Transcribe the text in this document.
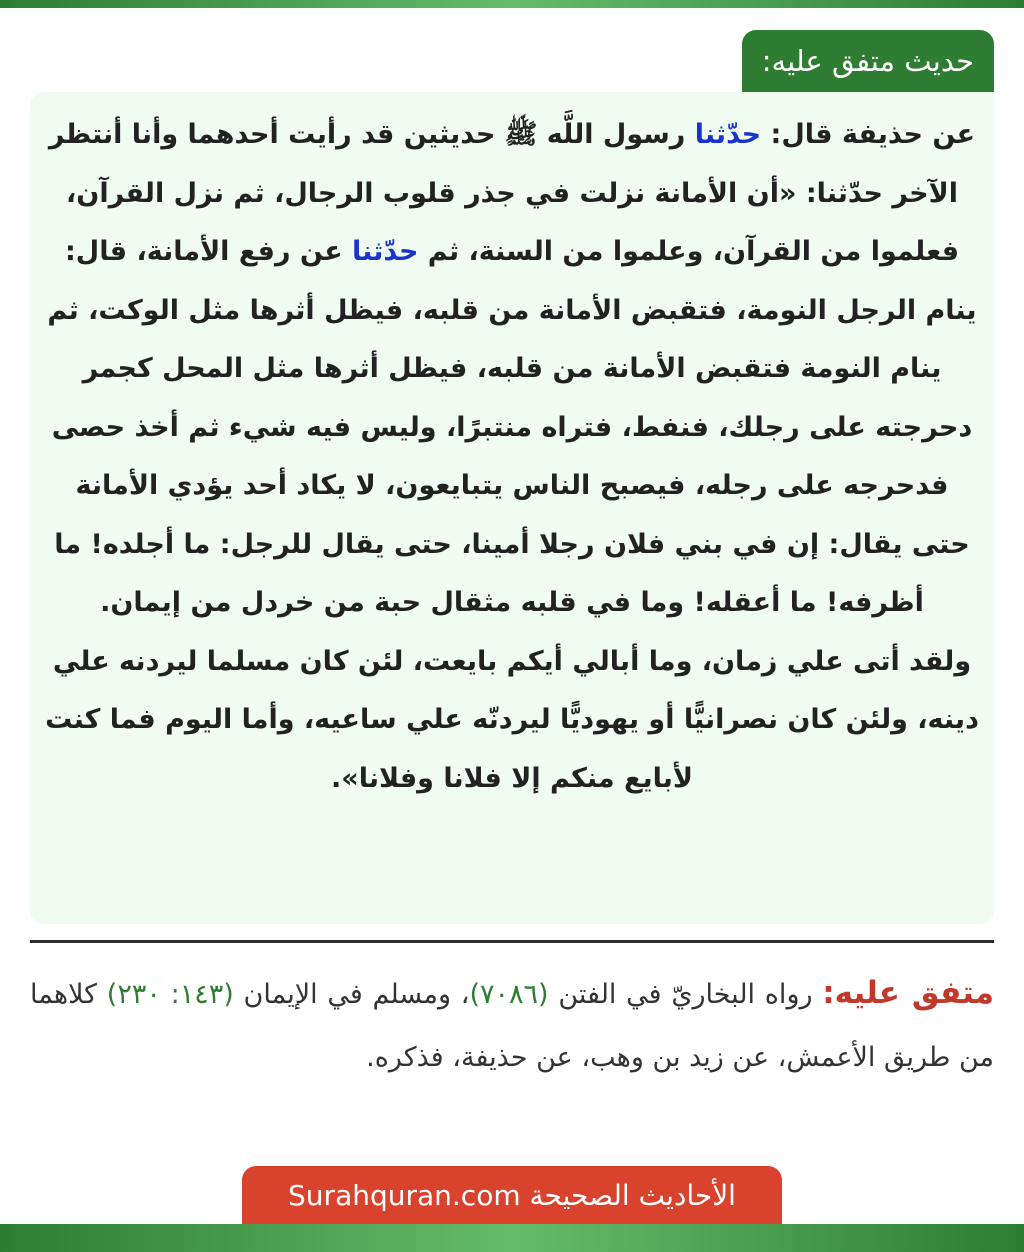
حديث متفق عليه:

عن حذيفة قال: حدّثنا رسول اللَّه ﷺ حديثين قد رأيت أحدهما وأنا أنتظر الآخر حدّثنا: «أن الأمانة نزلت في جذر قلوب الرجال، ثم نزل القرآن، فعلموا من القرآن، وعلموا من السنة، ثم حدّثنا عن رفع الأمانة، قال: ينام الرجل النومة، فتقبض الأمانة من قلبه، فيظل أثرها مثل الوكت، ثم ينام النومة فتقبض الأمانة من قلبه، فيظل أثرها مثل المحل كجمر دحرجته على رجلك، فنفط، فتراه منتبرًا، وليس فيه شيء ثم أخذ حصى فدحرجه على رجله، فيصبح الناس يتبايعون، لا يكاد أحد يؤدي الأمانة حتى يقال: إن في بني فلان رجلا أمينا، حتى يقال للرجل: ما أجلده! ما أظرفه! ما أعقله! وما في قلبه مثقال حبة من خردل من إيمان.
ولقد أتى علي زمان، وما أبالي أيكم بايعت، لئن كان مسلما ليردنه علي دينه، ولئن كان نصرانيًّا أو يهوديًّا ليردنّه علي ساعيه، وأما اليوم فما كنت لأبايع منكم إلا فلانا وفلانا».

متفق عليه: رواه البخاريّ في الفتن (٧٠٨٦)، ومسلم في الإيمان (١٤٣: ٢٣٠) كلاهما من طريق الأعمش، عن زيد بن وهب، عن حذيفة، فذكره.

الأحاديث الصحيحة Surahquran.com
